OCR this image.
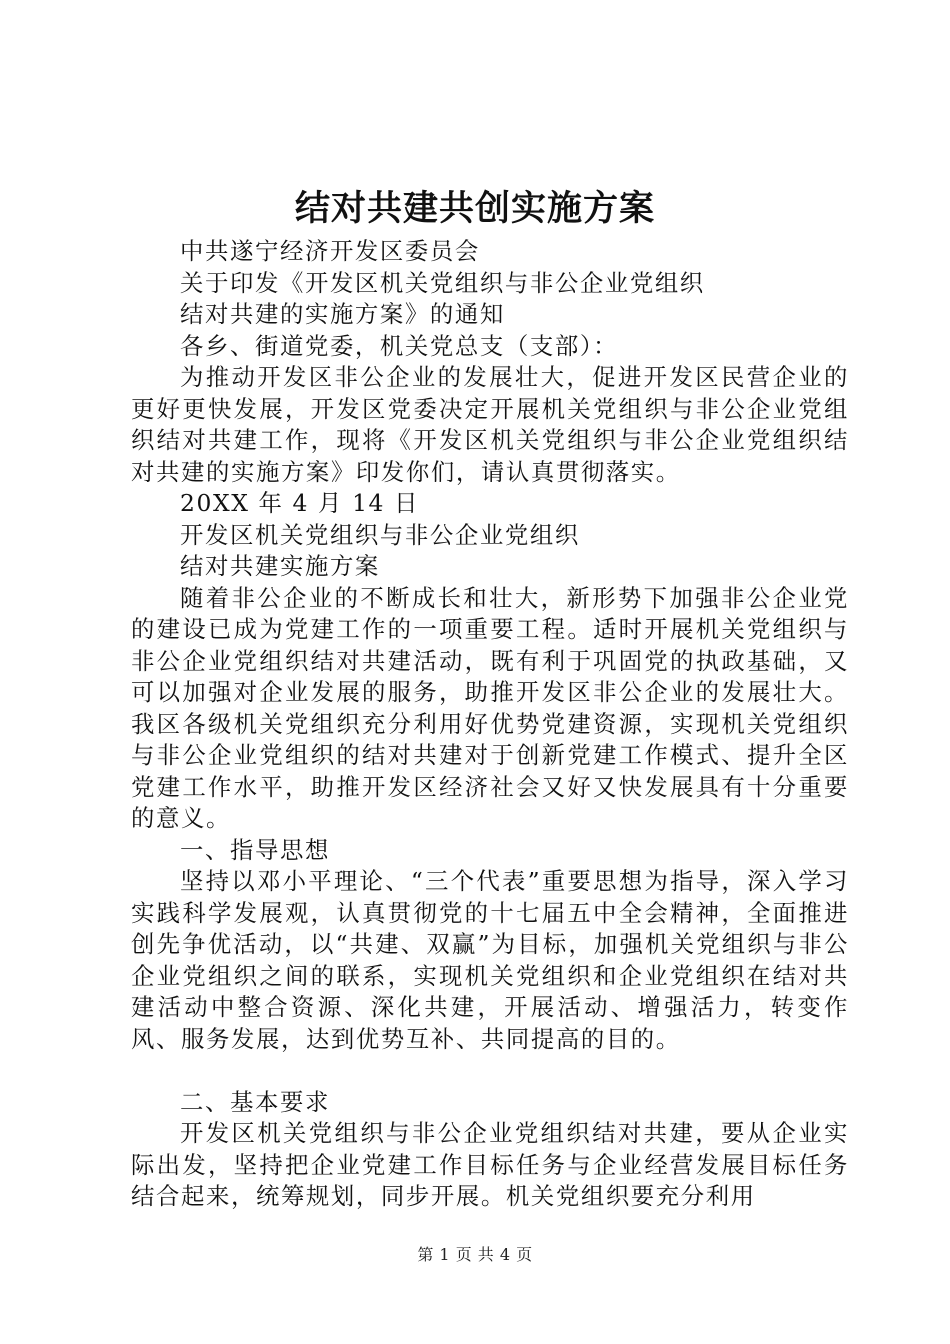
结对共建共创实施方案

中共遂宁经济开发区委员会

关于印发《开发区机关党组织与非公企业党组织

结对共建的实施方案》的通知

各乡、街道党委，机关党总支（支部）：

为推动开发区非公企业的发展壮大，促进开发区民营企业的更好更快发展，开发区党委决定开展机关党组织与非公企业党组织结对共建工作，现将《开发区机关党组织与非公企业党组织结对共建的实施方案》印发你们，请认真贯彻落实。

20XX 年 4 月 14 日

开发区机关党组织与非公企业党组织

结对共建实施方案

随着非公企业的不断成长和壮大，新形势下加强非公企业党的建设已成为党建工作的一项重要工程。适时开展机关党组织与非公企业党组织结对共建活动，既有利于巩固党的执政基础，又可以加强对企业发展的服务，助推开发区非公企业的发展壮大。我区各级机关党组织充分利用好优势党建资源，实现机关党组织与非公企业党组织的结对共建对于创新党建工作模式、提升全区党建工作水平，助推开发区经济社会又好又快发展具有十分重要的意义。

一、指导思想

坚持以邓小平理论、“三个代表”重要思想为指导，深入学习实践科学发展观，认真贯彻党的十七届五中全会精神，全面推进创先争优活动，以“共建、双赢”为目标，加强机关党组织与非公企业党组织之间的联系，实现机关党组织和企业党组织在结对共建活动中整合资源、深化共建，开展活动、增强活力，转变作风、服务发展，达到优势互补、共同提高的目的。

二、基本要求

开发区机关党组织与非公企业党组织结对共建，要从企业实际出发，坚持把企业党建工作目标任务与企业经营发展目标任务结合起来，统筹规划，同步开展。机关党组织要充分利用

第 1 页 共 4 页
